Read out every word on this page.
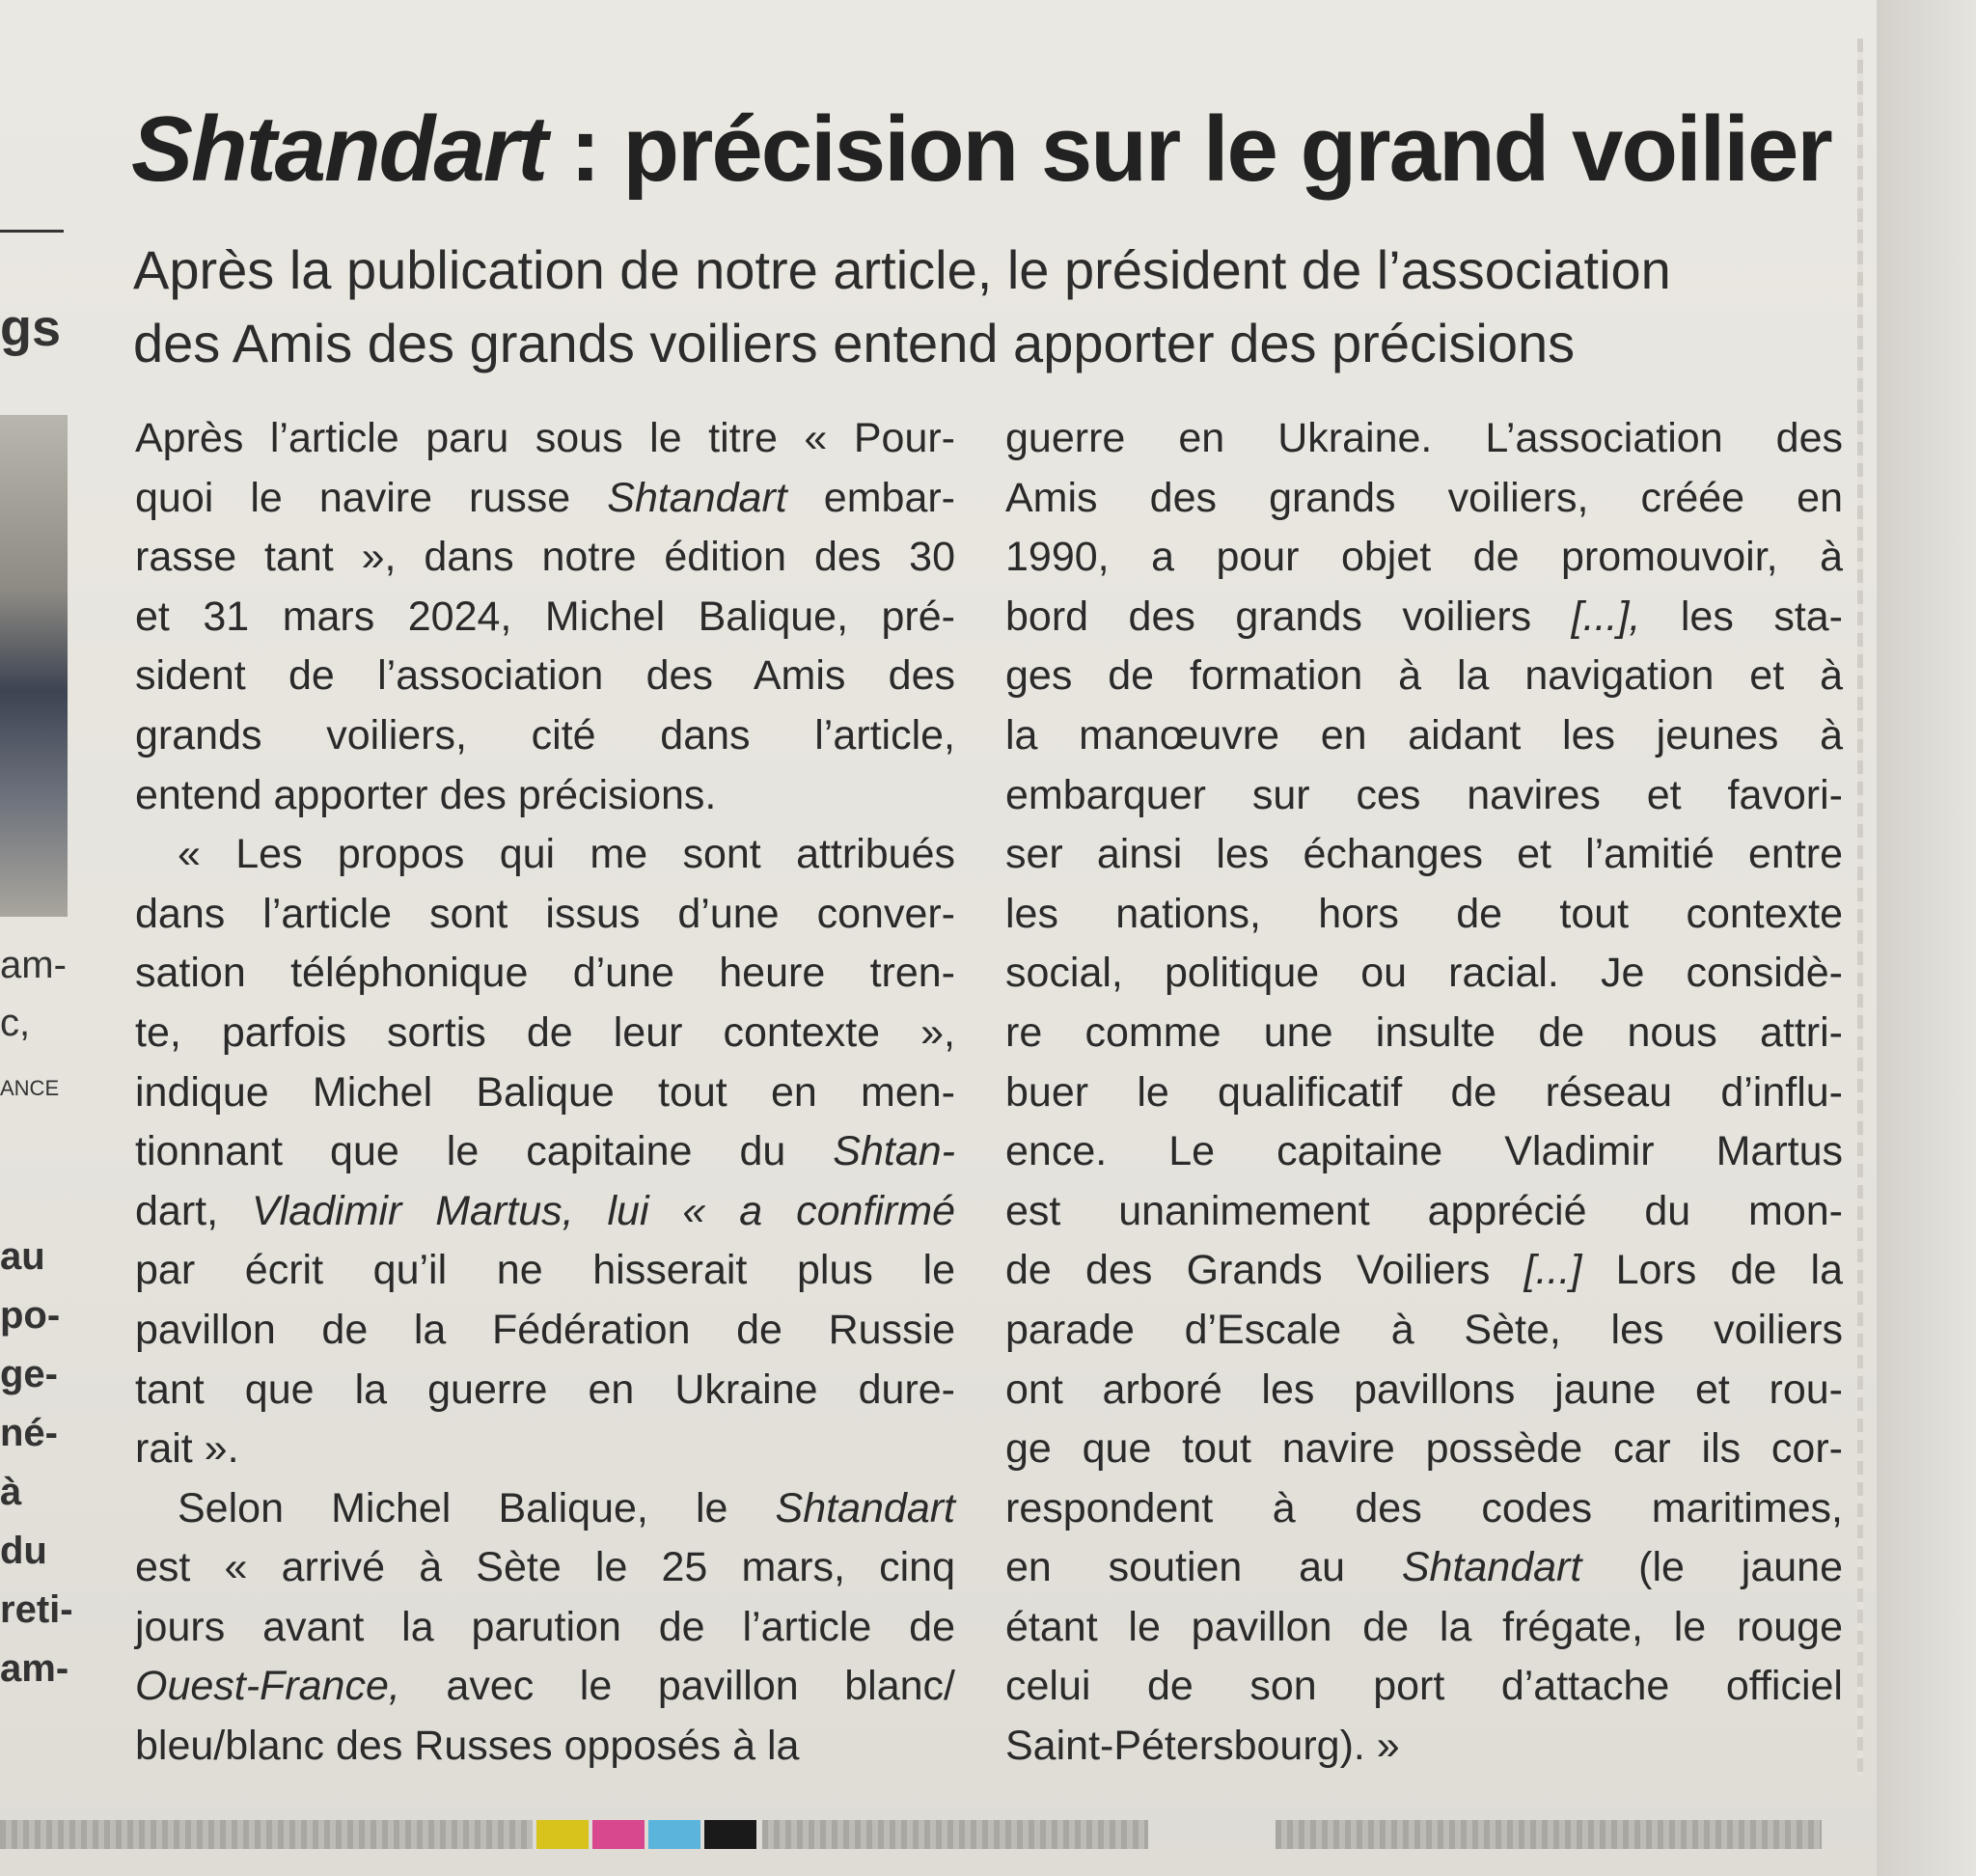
gs
am-
c,
ANCE
au
po-
ge-
né-
à
du
reti-
am-
Shtandart : précision sur le grand voilier
Après la publication de notre article, le président de l’association
des Amis des grands voiliers entend apporter des précisions
Après l’article paru sous le titre « Pour-
quoi le navire russe Shtandart embar-
rasse tant », dans notre édition des 30
et 31 mars 2024, Michel Balique, pré-
sident de l’association des Amis des
grands voiliers, cité dans l’article,
entend apporter des précisions.
« Les propos qui me sont attribués
dans l’article sont issus d’une conver-
sation téléphonique d’une heure tren-
te, parfois sortis de leur contexte »,
indique Michel Balique tout en men-
tionnant que le capitaine du Shtan-
dart, Vladimir Martus, lui « a confirmé
par écrit qu’il ne hisserait plus le
pavillon de la Fédération de Russie
tant que la guerre en Ukraine dure-
rait ».
Selon Michel Balique, le Shtandart
est « arrivé à Sète le 25 mars, cinq
jours avant la parution de l’article de
Ouest-France, avec le pavillon blanc/
bleu/blanc des Russes opposés à la
guerre en Ukraine. L’association des
Amis des grands voiliers, créée en
1990, a pour objet de promouvoir, à
bord des grands voiliers [...], les sta-
ges de formation à la navigation et à
la manœuvre en aidant les jeunes à
embarquer sur ces navires et favori-
ser ainsi les échanges et l’amitié entre
les nations, hors de tout contexte
social, politique ou racial. Je considè-
re comme une insulte de nous attri-
buer le qualificatif de réseau d’influ-
ence. Le capitaine Vladimir Martus
est unanimement apprécié du mon-
de des Grands Voiliers [...] Lors de la
parade d’Escale à Sète, les voiliers
ont arboré les pavillons jaune et rou-
ge que tout navire possède car ils cor-
respondent à des codes maritimes,
en soutien au Shtandart (le jaune
étant le pavillon de la frégate, le rouge
celui de son port d’attache officiel
Saint-Pétersbourg). »
